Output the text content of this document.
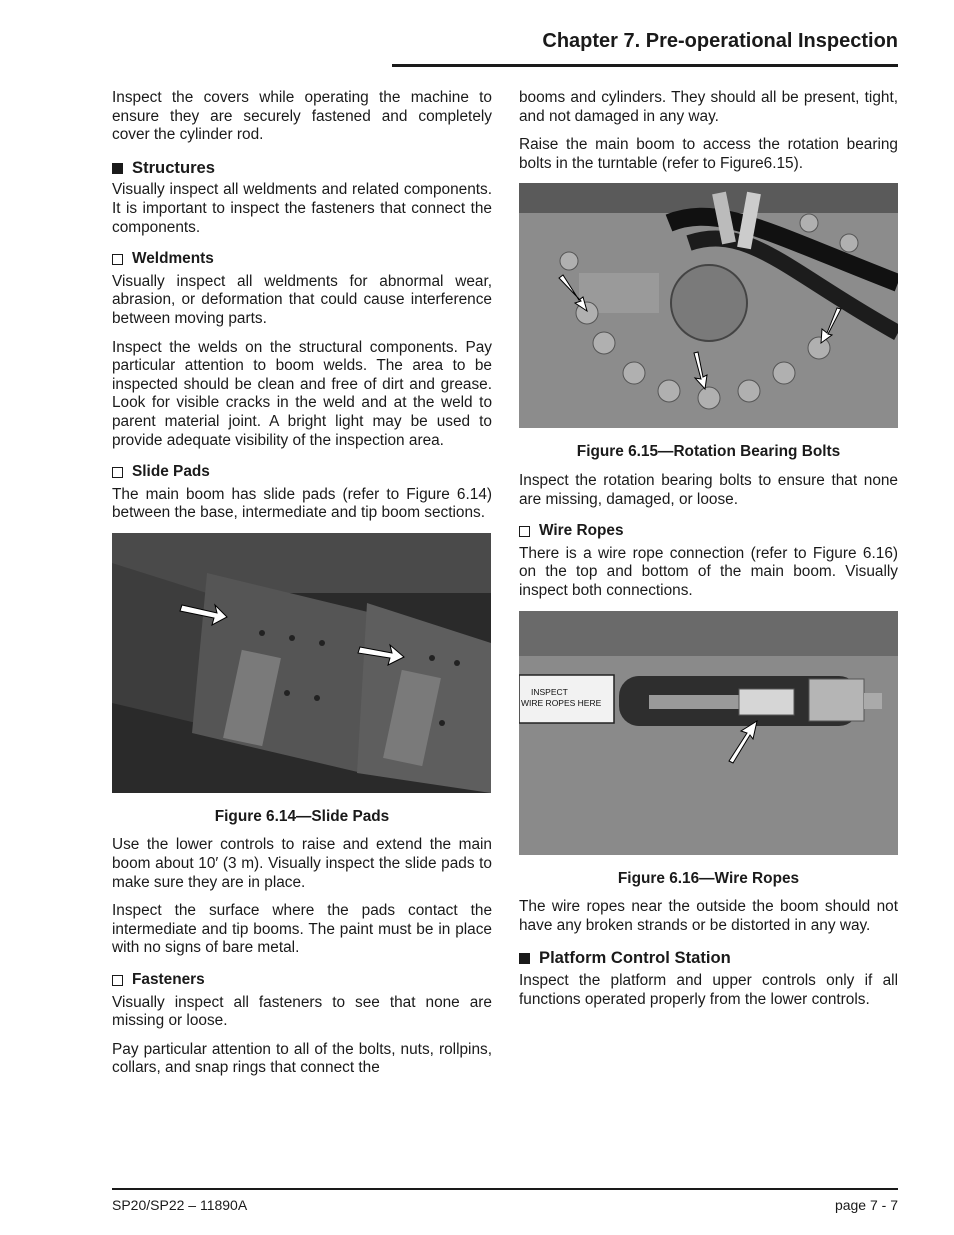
Chapter 7. Pre-operational Inspection

Inspect the covers while operating the machine to ensure they are securely fastened and completely cover the cylinder rod.

Structures

Visually inspect all weldments and related components. It is important to inspect the fasteners that connect the components.

Weldments

Visually inspect all weldments for abnormal wear, abrasion, or deformation that could cause interference between moving parts.

Inspect the welds on the structural components. Pay particular attention to boom welds. The area to be inspected should be clean and free of dirt and grease. Look for visible cracks in the weld and at the weld to parent material joint. A bright light may be used to provide adequate visibility of the inspection area.

Slide Pads

The main boom has slide pads (refer to Figure 6.14) between the base, intermediate and tip boom sections.

Figure 6.14—Slide Pads

Use the lower controls to raise and extend the main boom about 10′ (3 m). Visually inspect the slide pads to make sure they are in place.

Inspect the surface where the pads contact the intermediate and tip booms. The paint must be in place with no signs of bare metal.

Fasteners

Visually inspect all fasteners to see that none are missing or loose.

Pay particular attention to all of the bolts, nuts, rollpins, collars, and snap rings that connect the

booms and cylinders. They should all be present, tight, and not damaged in any way.

Raise the main boom to access the rotation bearing bolts in the turntable (refer to Figure6.15).

Figure 6.15—Rotation Bearing Bolts

Inspect the rotation bearing bolts to ensure that none are missing, damaged, or loose.

Wire Ropes

There is a wire rope connection (refer to Figure 6.16) on the top and bottom of the main boom. Visually inspect both connections.

INSPECT
WIRE ROPES HERE
Figure 6.16—Wire Ropes

The wire ropes near the outside the boom should not have any broken strands or be distorted in any way.

Platform Control Station

Inspect the platform and upper controls only if all functions operated properly from the lower controls.

SP20/SP22 – 11890A	page 7 - 7
